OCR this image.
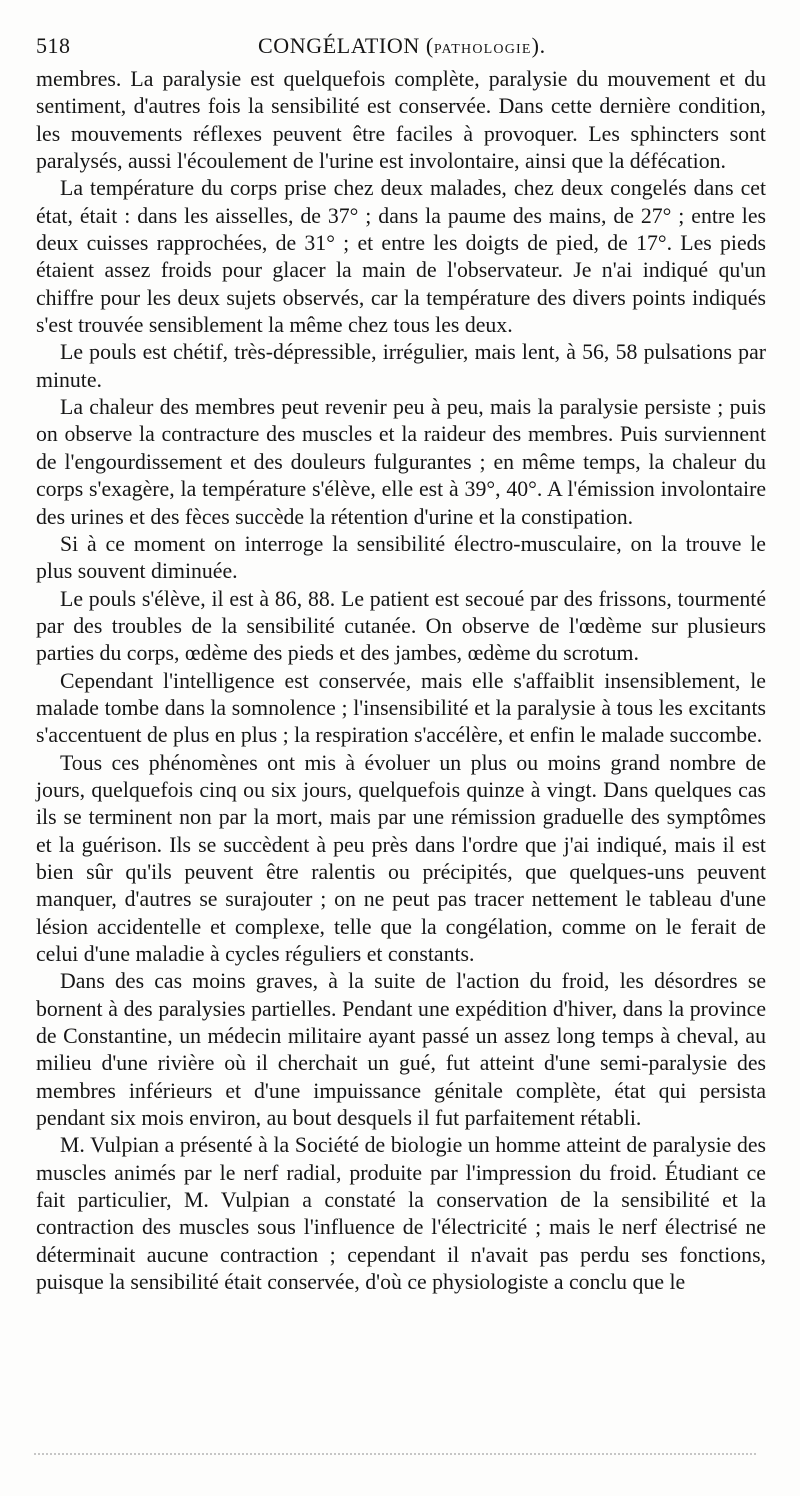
518	CONGÉLATION (PATHOLOGIE).

membres. La paralysie est quelquefois complète, paralysie du mouvement et du sentiment, d'autres fois la sensibilité est conservée. Dans cette dernière condition, les mouvements réflexes peuvent être faciles à provoquer. Les sphincters sont paralysés, aussi l'écoulement de l'urine est involontaire, ainsi que la défécation.

La température du corps prise chez deux malades, chez deux congelés dans cet état, était : dans les aisselles, de 37° ; dans la paume des mains, de 27° ; entre les deux cuisses rapprochées, de 31° ; et entre les doigts de pied, de 17°. Les pieds étaient assez froids pour glacer la main de l'observateur. Je n'ai indiqué qu'un chiffre pour les deux sujets observés, car la température des divers points indiqués s'est trouvée sensiblement la même chez tous les deux.

Le pouls est chétif, très-dépressible, irrégulier, mais lent, à 56, 58 pulsations par minute.

La chaleur des membres peut revenir peu à peu, mais la paralysie persiste ; puis on observe la contracture des muscles et la raideur des membres. Puis surviennent de l'engourdissement et des douleurs fulgurantes ; en même temps, la chaleur du corps s'exagère, la température s'élève, elle est à 39°, 40°. A l'émission involontaire des urines et des fèces succède la rétention d'urine et la constipation.

Si à ce moment on interroge la sensibilité électro-musculaire, on la trouve le plus souvent diminuée.

Le pouls s'élève, il est à 86, 88. Le patient est secoué par des frissons, tourmenté par des troubles de la sensibilité cutanée. On observe de l'œdème sur plusieurs parties du corps, œdème des pieds et des jambes, œdème du scrotum.

Cependant l'intelligence est conservée, mais elle s'affaiblit insensiblement, le malade tombe dans la somnolence ; l'insensibilité et la paralysie à tous les excitants s'accentuent de plus en plus ; la respiration s'accélère, et enfin le malade succombe.

Tous ces phénomènes ont mis à évoluer un plus ou moins grand nombre de jours, quelquefois cinq ou six jours, quelquefois quinze à vingt. Dans quelques cas ils se terminent non par la mort, mais par une rémission graduelle des symptômes et la guérison. Ils se succèdent à peu près dans l'ordre que j'ai indiqué, mais il est bien sûr qu'ils peuvent être ralentis ou précipités, que quelques-uns peuvent manquer, d'autres se surajouter ; on ne peut pas tracer nettement le tableau d'une lésion accidentelle et complexe, telle que la congélation, comme on le ferait de celui d'une maladie à cycles réguliers et constants.

Dans des cas moins graves, à la suite de l'action du froid, les désordres se bornent à des paralysies partielles. Pendant une expédition d'hiver, dans la province de Constantine, un médecin militaire ayant passé un assez long temps à cheval, au milieu d'une rivière où il cherchait un gué, fut atteint d'une semi-paralysie des membres inférieurs et d'une impuissance génitale complète, état qui persista pendant six mois environ, au bout desquels il fut parfaitement rétabli.

M. Vulpian a présenté à la Société de biologie un homme atteint de paralysie des muscles animés par le nerf radial, produite par l'impression du froid. Étudiant ce fait particulier, M. Vulpian a constaté la conservation de la sensibilité et la contraction des muscles sous l'influence de l'électricité ; mais le nerf électrisé ne déterminait aucune contraction ; cependant il n'avait pas perdu ses fonctions, puisque la sensibilité était conservée, d'où ce physiologiste a conclu que le
